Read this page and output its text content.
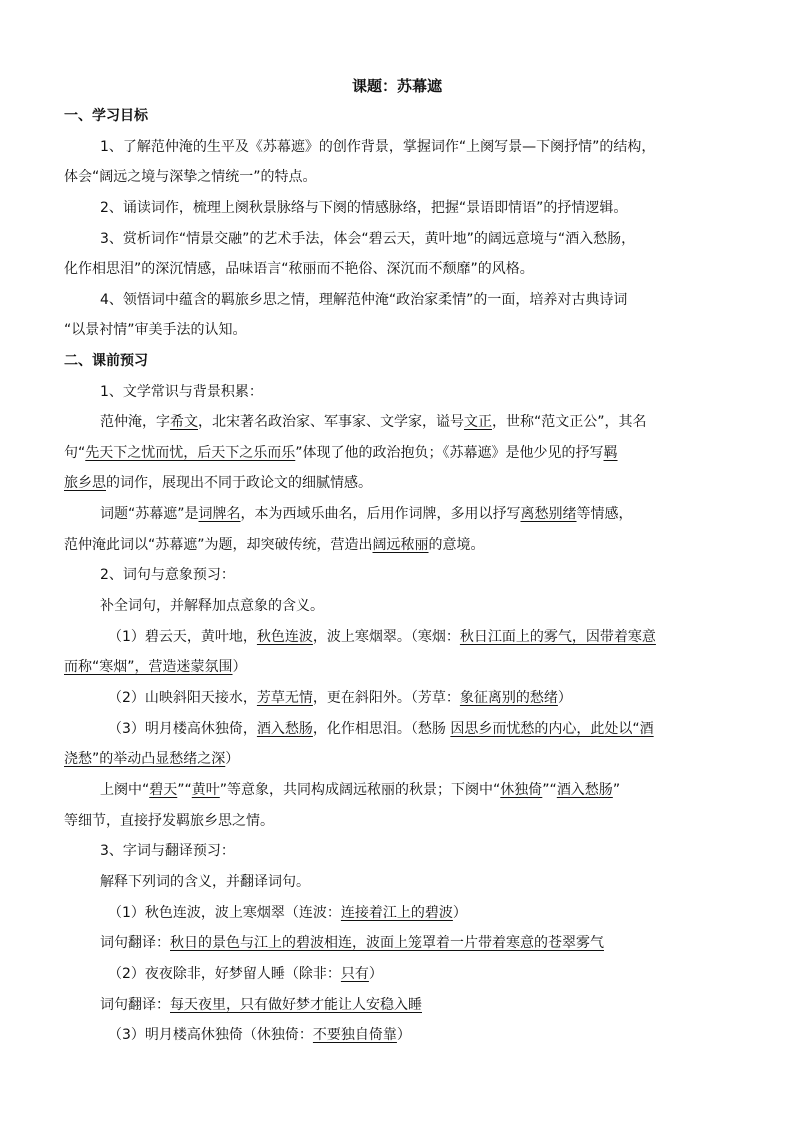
课题：苏幕遮
一、学习目标
1、了解范仲淹的生平及《苏幕遮》的创作背景，掌握词作“上阕写景—下阕抒情”的结构，
体会“阔远之境与深挚之情统一”的特点。
2、诵读词作，梳理上阕秋景脉络与下阕的情感脉络，把握“景语即情语”的抒情逻辑。
3、赏析词作“情景交融”的艺术手法，体会“碧云天，黄叶地”的阔远意境与“酒入愁肠，
化作相思泪”的深沉情感，品味语言“秾丽而不艳俗、深沉而不颓靡”的风格。
4、领悟词中蕴含的羁旅乡思之情，理解范仲淹“政治家柔情”的一面，培养对古典诗词
“以景衬情”审美手法的认知。
二、课前预习
1、文学常识与背景积累：
范仲淹，字希文，北宋著名政治家、军事家、文学家，谥号文正，世称“范文正公”，其名
句“先天下之忧而忧，后天下之乐而乐”体现了他的政治抱负；《苏幕遮》是他少见的抒写羁
旅乡思的词作，展现出不同于政论文的细腻情感。
词题“苏幕遮”是词牌名，本为西域乐曲名，后用作词牌，多用以抒写离愁别绪等情感，
范仲淹此词以“苏幕遮”为题，却突破传统，营造出阔远秾丽的意境。
2、词句与意象预习：
补全词句，并解释加点意象的含义。
（1）碧云天，黄叶地，秋色连波，波上寒烟翠。（寒烟：秋日江面上的雾气，因带着寒意
而称“寒烟”，营造迷蒙氛围）
（2）山映斜阳天接水，芳草无情，更在斜阳外。（芳草：象征离别的愁绪）
（3）明月楼高休独倚，酒入愁肠，化作相思泪。（愁肠 因思乡而忧愁的内心，此处以“酒
浇愁”的举动凸显愁绪之深）
上阕中“碧天”“黄叶”等意象，共同构成阔远秾丽的秋景；下阕中“休独倚”“酒入愁肠”
等细节，直接抒发羁旅乡思之情。
3、字词与翻译预习：
解释下列词的含义，并翻译词句。
（1）秋色连波，波上寒烟翠（连波：连接着江上的碧波）
词句翻译：秋日的景色与江上的碧波相连，波面上笼罩着一片带着寒意的苍翠雾气
（2）夜夜除非，好梦留人睡（除非：只有）
词句翻译：每天夜里，只有做好梦才能让人安稳入睡
（3）明月楼高休独倚（休独倚：不要独自倚靠）
